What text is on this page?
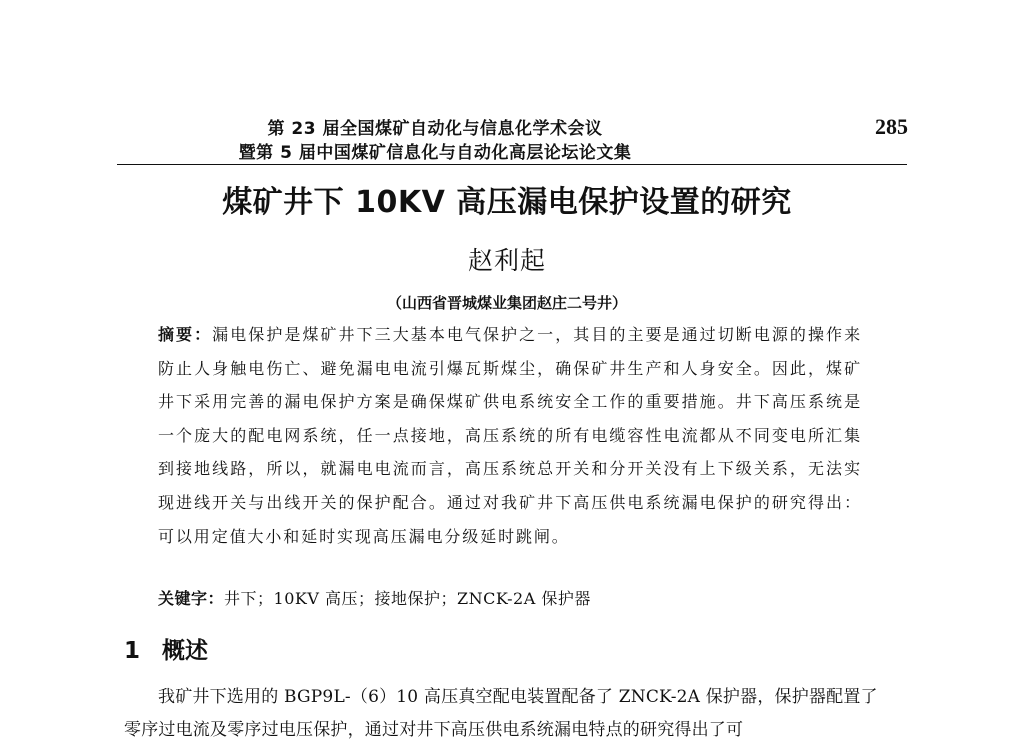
第 23 届全国煤矿自动化与信息化学术会议
暨第 5 届中国煤矿信息化与自动化高层论坛论文集
285
煤矿井下 10KV 高压漏电保护设置的研究
赵利起
（山西省晋城煤业集团赵庄二号井）
摘要：漏电保护是煤矿井下三大基本电气保护之一，其目的主要是通过切断电源的操作来防止人身触电伤亡、避免漏电电流引爆瓦斯煤尘，确保矿井生产和人身安全。因此，煤矿井下采用完善的漏电保护方案是确保煤矿供电系统安全工作的重要措施。井下高压系统是一个庞大的配电网系统，任一点接地，高压系统的所有电缆容性电流都从不同变电所汇集到接地线路，所以，就漏电电流而言，高压系统总开关和分开关没有上下级关系，无法实现进线开关与出线开关的保护配合。通过对我矿井下高压供电系统漏电保护的研究得出：可以用定值大小和延时实现高压漏电分级延时跳闸。
关键字：井下；10KV 高压；接地保护；ZNCK-2A 保护器
1 概述
我矿井下选用的 BGP9L-（6）10 高压真空配电装置配备了 ZNCK-2A 保护器，保护器配置了零序过电流及零序过电压保护，通过对井下高压供电系统漏电特点的研究得出了可
